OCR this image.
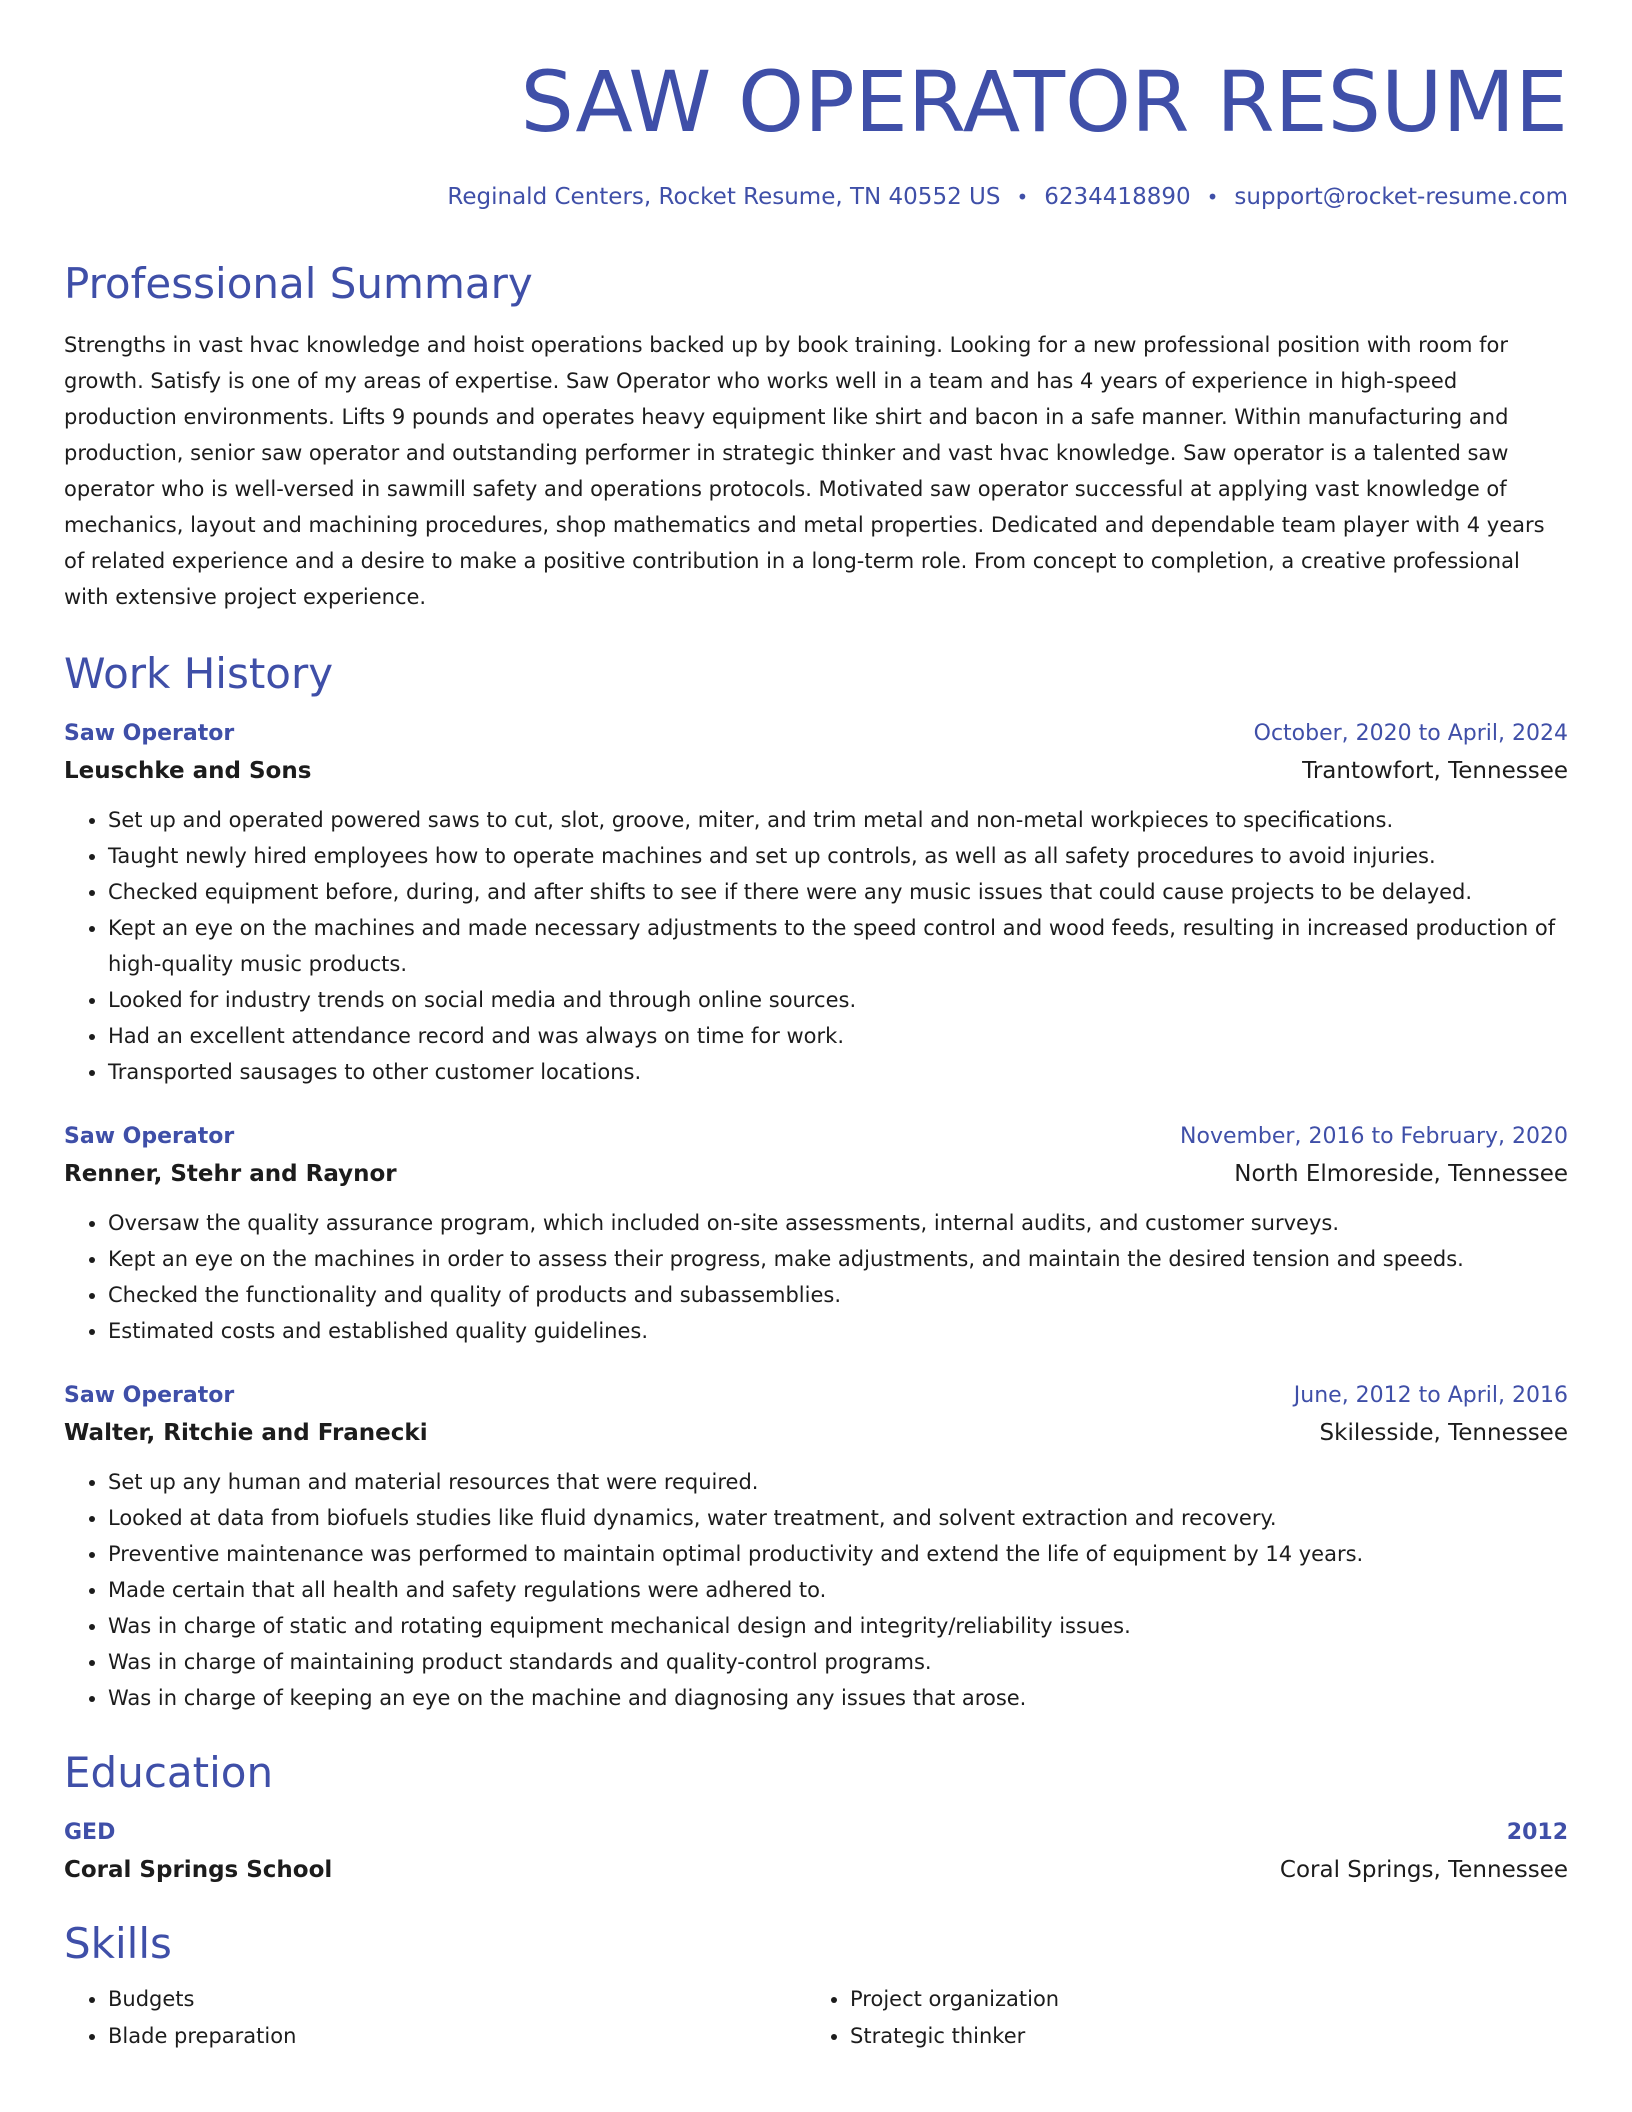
SAW OPERATOR RESUME
Reginald Centers, Rocket Resume, TN 40552 US • 6234418890 • support@rocket-resume.com
Professional Summary

Strengths in vast hvac knowledge and hoist operations backed up by book training. Looking for a new professional position with room for growth. Satisfy is one of my areas of expertise. Saw Operator who works well in a team and has 4 years of experience in high-speed production environments. Lifts 9 pounds and operates heavy equipment like shirt and bacon in a safe manner. Within manufacturing and production, senior saw operator and outstanding performer in strategic thinker and vast hvac knowledge. Saw operator is a talented saw operator who is well-versed in sawmill safety and operations protocols. Motivated saw operator successful at applying vast knowledge of mechanics, layout and machining procedures, shop mathematics and metal properties. Dedicated and dependable team player with 4 years of related experience and a desire to make a positive contribution in a long-term role. From concept to completion, a creative professional with extensive project experience.

Work History
Saw Operator	October, 2020 to April, 2024
Leuschke and Sons	Trantowfort, Tennessee
• Set up and operated powered saws to cut, slot, groove, miter, and trim metal and non-metal workpieces to specifications.
• Taught newly hired employees how to operate machines and set up controls, as well as all safety procedures to avoid injuries.
• Checked equipment before, during, and after shifts to see if there were any music issues that could cause projects to be delayed.
• Kept an eye on the machines and made necessary adjustments to the speed control and wood feeds, resulting in increased production of high-quality music products.
• Looked for industry trends on social media and through online sources.
• Had an excellent attendance record and was always on time for work.
• Transported sausages to other customer locations.
Saw Operator	November, 2016 to February, 2020
Renner, Stehr and Raynor	North Elmoreside, Tennessee
• Oversaw the quality assurance program, which included on-site assessments, internal audits, and customer surveys.
• Kept an eye on the machines in order to assess their progress, make adjustments, and maintain the desired tension and speeds.
• Checked the functionality and quality of products and subassemblies.
• Estimated costs and established quality guidelines.
Saw Operator	June, 2012 to April, 2016
Walter, Ritchie and Franecki	Skilesside, Tennessee
• Set up any human and material resources that were required.
• Looked at data from biofuels studies like fluid dynamics, water treatment, and solvent extraction and recovery.
• Preventive maintenance was performed to maintain optimal productivity and extend the life of equipment by 14 years.
• Made certain that all health and safety regulations were adhered to.
• Was in charge of static and rotating equipment mechanical design and integrity/reliability issues.
• Was in charge of maintaining product standards and quality-control programs.
• Was in charge of keeping an eye on the machine and diagnosing any issues that arose.
Education
GED	2012
Coral Springs School	Coral Springs, Tennessee
Skills
• Budgets
• Blade preparation
• Project organization
• Strategic thinker
